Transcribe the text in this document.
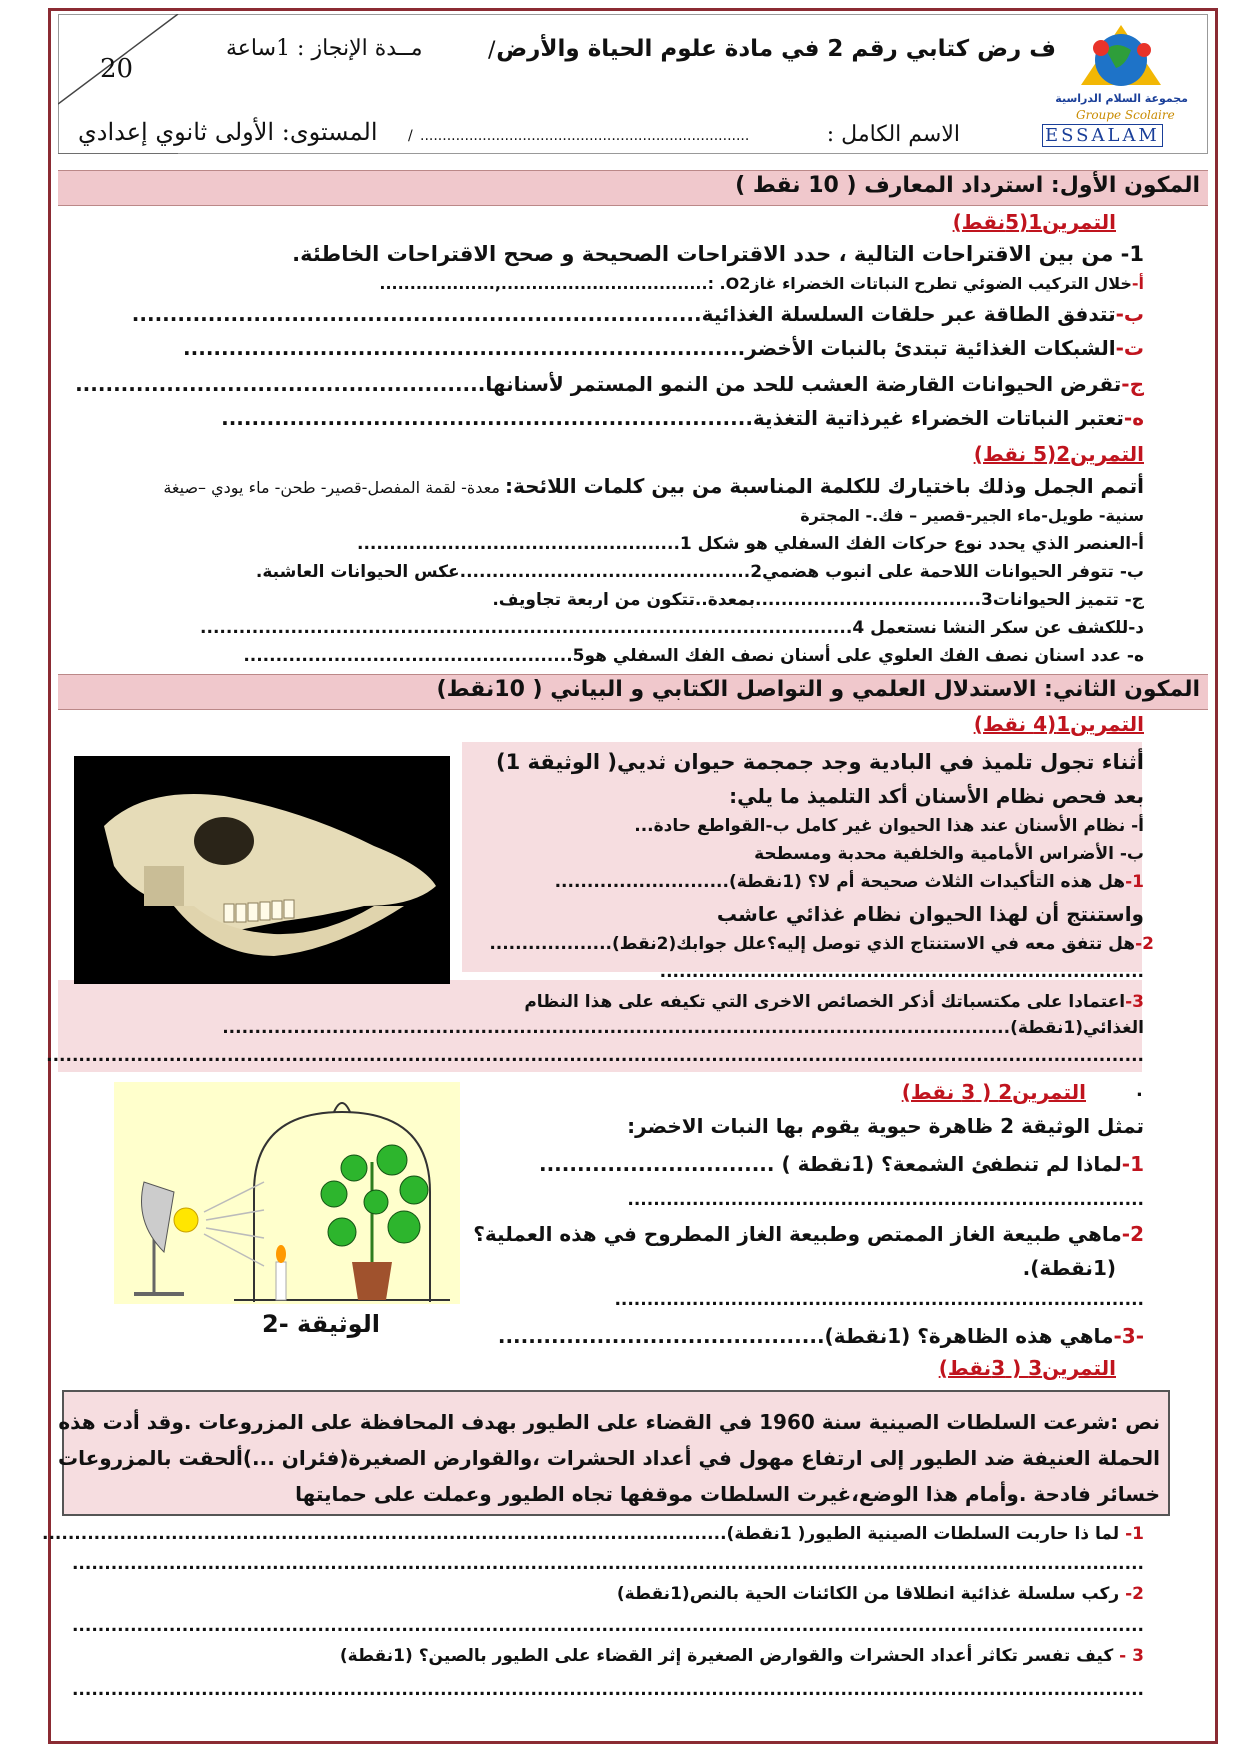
20
ف رض كتابي رقم 2 في مادة علوم الحياة والأرض
/
مــدة الإنجاز : 1ساعة
الاسم الكامل :
..........................................................................
/
المستوى: الأولى ثانوي إعدادي
مجموعة السلام الدراسية
Groupe Scolaire
ESSALAM
المكون الأول: استرداد المعارف ( 10 نقط )
التمرين1(5نقط)
1- من بين الاقتراحات التالية ، حدد الاقتراحات الصحيحة و صحح الاقتراحات الخاطئة.
أ-خلال التركيب الضوئي تطرح النباتات الخضراء غازO2. :..................................,...................
ب-تتدفق الطاقة عبر حلقات السلسلة الغذائية...........................................................................
ت-الشبكات الغذائية تبتدئ بالنبات الأخضر..........................................................................
ج-تقرض الحيوانات القارضة العشب للحد من النمو المستمر لأسنانها......................................................
ه-تعتبر النباتات الخضراء غيرذاتية التغذية......................................................................
التمرين2(5 نقط)
أتمم الجمل وذلك باختيارك للكلمة المناسبة من بين كلمات اللائحة: معدة- لقمة المفصل-قصير- طحن- ماء يودي –صيغة
سنية- طويل-ماء الجير-قصير – فك.- المجترة
أ-العنصر الذي يحدد نوع حركات الفك السفلي هو شكل 1..................................................
ب- تتوفر الحيوانات اللاحمة على انبوب هضمي2.............................................عكس الحيوانات العاشبة.
ج- تتميز الحيوانات3...................................بمعدة..تتكون من اربعة تجاويف.
د-للكشف عن سكر النشا نستعمل 4.....................................................................................................
ه- عدد اسنان نصف الفك العلوي على أسنان نصف الفك السفلي هو5...................................................
المكون الثاني: الاستدلال العلمي و التواصل الكتابي و البياني ( 10نقط)
التمرين1(4 نقط)
أثناء تجول تلميذ في البادية وجد جمجمة حيوان ثديي( الوثيقة 1)
بعد فحص نظام الأسنان أكد التلميذ ما يلي:
أ- نظام الأسنان عند هذا الحيوان غير كامل ب-القواطع حادة...
ب- الأضراس الأمامية والخلفية محدبة ومسطحة
1-هل هذه التأكيدات الثلاث صحيحة أم لا؟ (1نقطة)...........................
واستنتج أن لهذا الحيوان نظام غذائي عاشب
2-هل تتفق معه في الاستنتاج الذي توصل إليه؟علل جوابك(2نقط)...................
...........................................................................
3-اعتمادا على مكتسباتك أذكر الخصائص الاخرى التي تكيفه على هذا النظام
الغذائي(1نقطة)..........................................................................................................................
..........................................................................................................................................................................
التمرين2 ( 3 نقط)	.
الوثيقة -2
تمثل الوثيقة 2 ظاهرة حيوية يقوم بها النبات الاخضر:
1-لماذا لم تنطفئ الشمعة؟ (1نقطة ) ...............................
................................................................................
2-ماهي طبيعة الغاز الممتص وطبيعة الغاز المطروح في هذه العملية؟
(1نقطة).
..................................................................................
-3-ماهي هذه الظاهرة؟ (1نقطة)...........................................
التمرين3 ( 3نقط)
نص :شرعت السلطات الصينية سنة 1960 في القضاء على الطيور بهدف المحافظة على المزروعات .وقد أدت هذه
الحملة العنيفة ضد الطيور إلى ارتفاع مهول في أعداد الحشرات ،والقوارض الصغيرة(فئران ...)ألحقت بالمزروعات
خسائر فادحة .وأمام هذا الوضع،غيرت السلطات موقفها تجاه الطيور وعملت على حمايتها
1- لما ذا حاربت السلطات الصينية الطيور( 1نقطة)..........................................................................................................
......................................................................................................................................................................
2- ركب سلسلة غذائية انطلاقا من الكائنات الحية بالنص(1نقطة)
......................................................................................................................................................................
3 - كيف تفسر تكاثر أعداد الحشرات والقوارض الصغيرة إثر القضاء على الطيور بالصين؟ (1نقطة)
......................................................................................................................................................................
